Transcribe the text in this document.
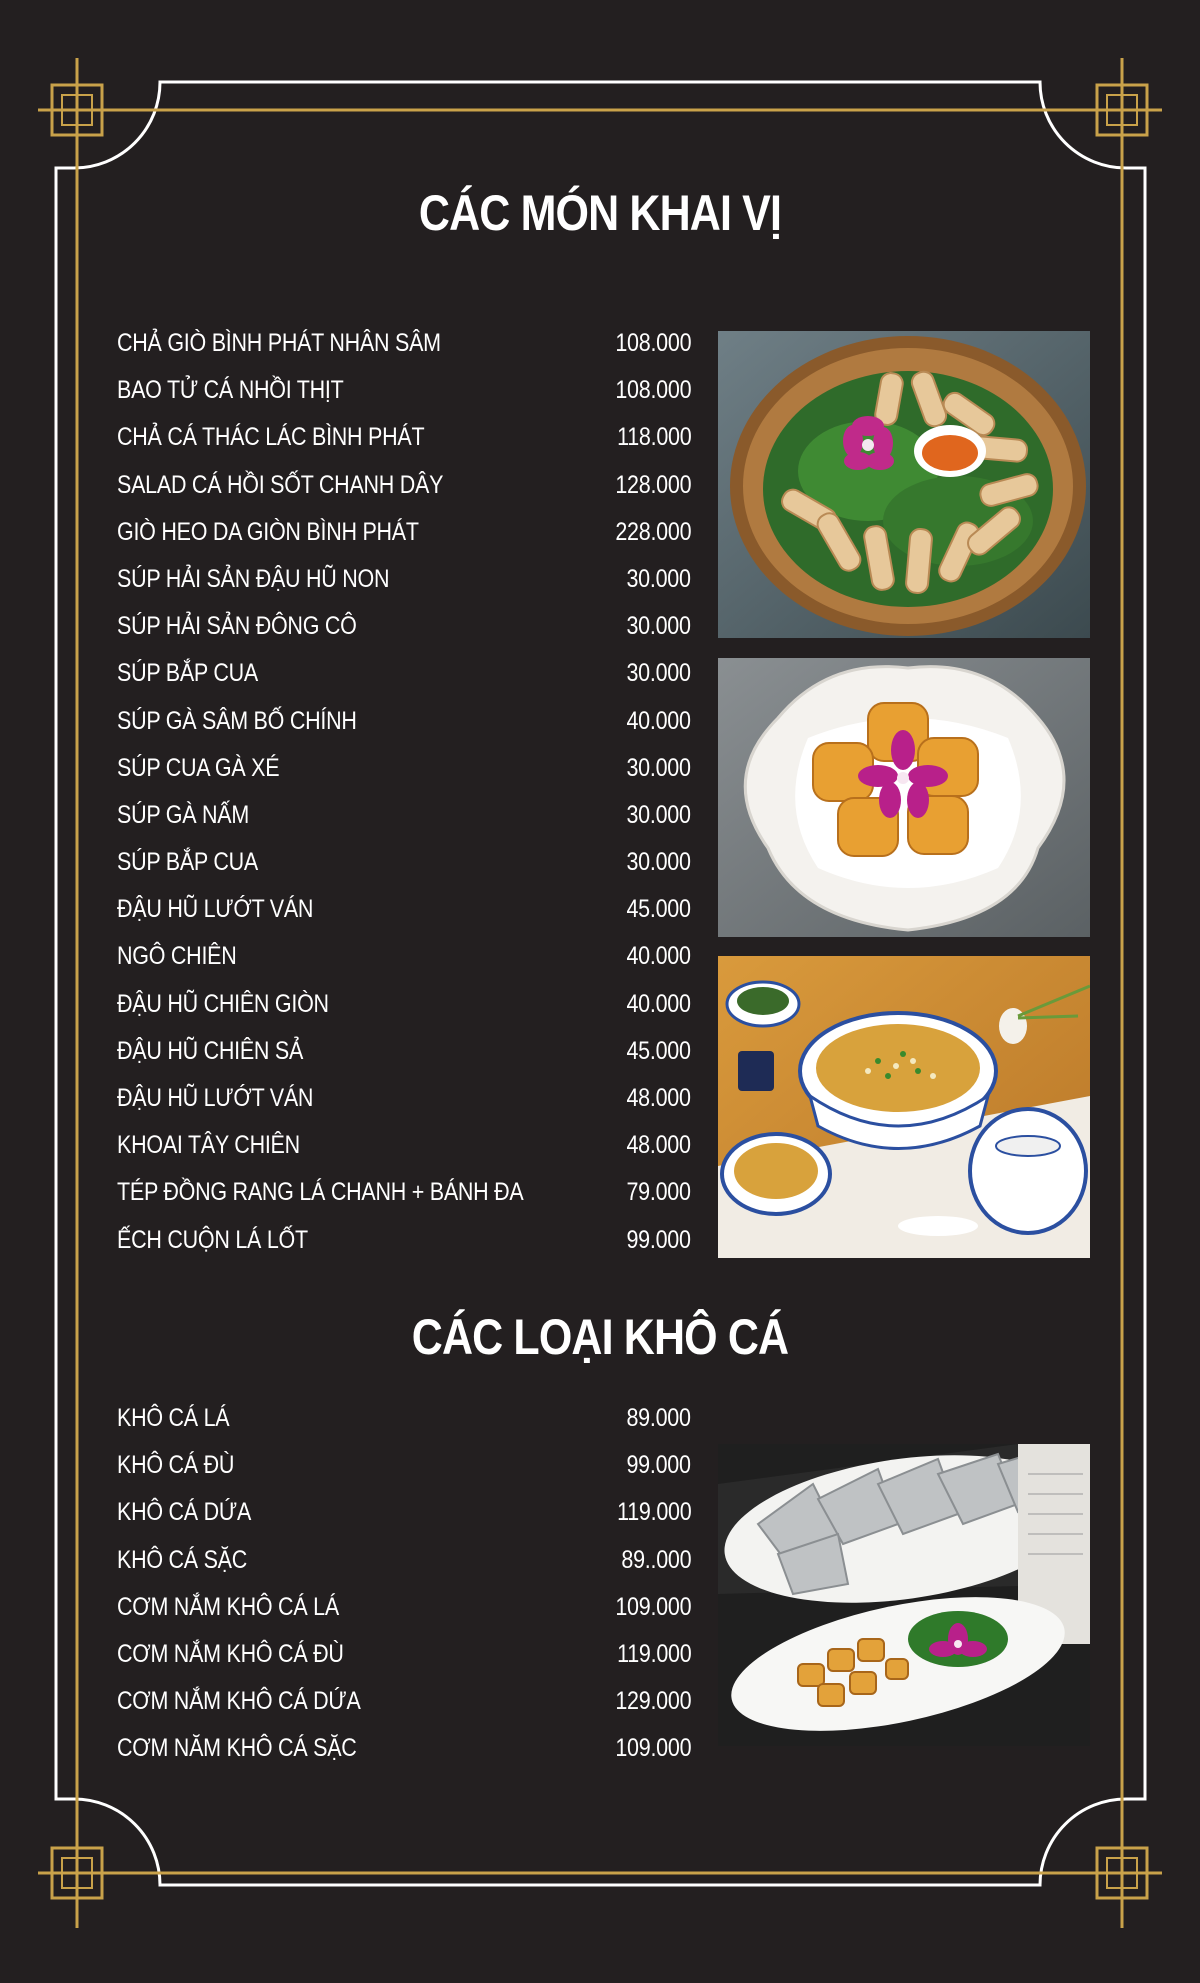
CÁC MÓN KHAI VỊ
CHẢ GIÒ BÌNH PHÁT NHÂN SÂM	108.000
BAO TỬ CÁ NHỒI THỊT	108.000
CHẢ CÁ THÁC LÁC BÌNH PHÁT	118.000
SALAD CÁ HỒI SỐT CHANH DÂY	128.000
GIÒ HEO DA GIÒN BÌNH PHÁT	228.000
SÚP HẢI SẢN ĐẬU HŨ NON	30.000
SÚP HẢI SẢN ĐÔNG CÔ	30.000
SÚP BẮP CUA	30.000
SÚP GÀ SÂM BỐ CHÍNH	40.000
SÚP CUA GÀ XÉ	30.000
SÚP GÀ NẤM	30.000
SÚP BẮP CUA	30.000
ĐẬU HŨ LƯỚT VÁN	45.000
NGÔ CHIÊN	40.000
ĐẬU HŨ CHIÊN GIÒN	40.000
ĐẬU HŨ CHIÊN SẢ	45.000
ĐẬU HŨ LƯỚT VÁN	48.000
KHOAI TÂY CHIÊN	48.000
TÉP ĐỒNG RANG LÁ CHANH + BÁNH ĐA	79.000
ẾCH CUỘN LÁ LỐT	99.000
CÁC LOẠI KHÔ CÁ
KHÔ CÁ LÁ	89.000
KHÔ CÁ ĐÙ	99.000
KHÔ CÁ DỨA	119.000
KHÔ CÁ SẶC	89..000
CƠM NẮM KHÔ CÁ LÁ	109.000
CƠM NẮM KHÔ CÁ ĐÙ	119.000
CƠM NẮM KHÔ CÁ DỨA	129.000
CƠM NĂM KHÔ CÁ SẶC	109.000
